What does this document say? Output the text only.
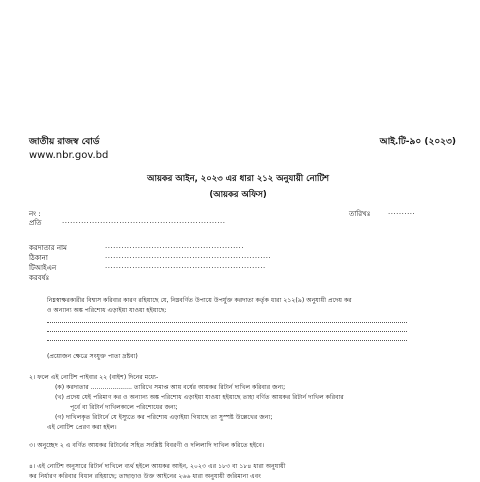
জাতীয় রাজস্ব বোর্ড
www.nbr.gov.bd
আই.টি-৯০ (২০২৩)
আয়কর আইন, ২০২৩ এর ধারা ২১২ অনুযায়ী নোটিশ
(আয়কর অফিস)
নং :	তারিখঃ	..........
প্রতি	............................................................
করদাতার নাম	...................................................
ঠিকানা	.............................................................
টিআইএন	...........................................................
করবর্ষঃ
নিম্নস্বাক্ষরকারীর বিশ্বাস করিবার কারণ রহিয়াছে যে, নিম্নবর্ণিত উপায়ে উপর্যুক্ত করদাতা কর্তৃক ধারা ২১২(৯) অনুযায়ী প্রদেয় কর
ও অন্যান্য অঙ্ক পরিশোধ এড়াইয়া যাওয়া হইয়াছে:
(প্রয়োজন ক্ষেত্রে সংযুক্ত পাতা দ্রষ্টব্য)
২। ফলে এই নোটিশ পাইবার ২২ (বাইশ) দিনের মধ্যে-
(ক) করদাতার ..................... তারিখে সমাপ্ত আয় বর্ষের আয়কর রিটার্ন দাখিল করিবার জন্য;
(খ) প্রদেয় যেই পরিমাণ কর ও অন্যান্য অঙ্ক পরিশোধ এড়াইয়া যাওয়া হইয়াছে তাহা বর্ণিত আয়কর রিটার্ন দাখিল করিবার
পূর্বে বা রিটার্ন দাখিলকালে পরিশোধের জন্য;
(গ) দাখিলকৃত রিটার্নে যে ইস্যুতে কর পরিশোধ এড়াইয়া গিয়াছে তা সুস্পষ্ট উল্লেখের জন্য;
এই নোটিশ প্রেরণ করা হইল।
৩। অনুচ্ছেদ ২ এ বর্ণিত আয়কর রিটার্নের সহিত সংশ্লিষ্ট বিবরণী ও দলিলাদি দাখিল করিতে হইবে।
৪। এই নোটিশ অনুসারে রিটার্ন দাখিলে ব্যর্থ হইলে আয়কর আইন, ২০২৩ এর ১৮৩ বা ১৮৪ ধারা অনুযায়ী
কর নির্ধারণ করিবার বিধান রহিয়াছে; তাছাড়াও উক্ত আইনের ২৬৬ ধারা অনুযায়ী জরিমানা এবং
